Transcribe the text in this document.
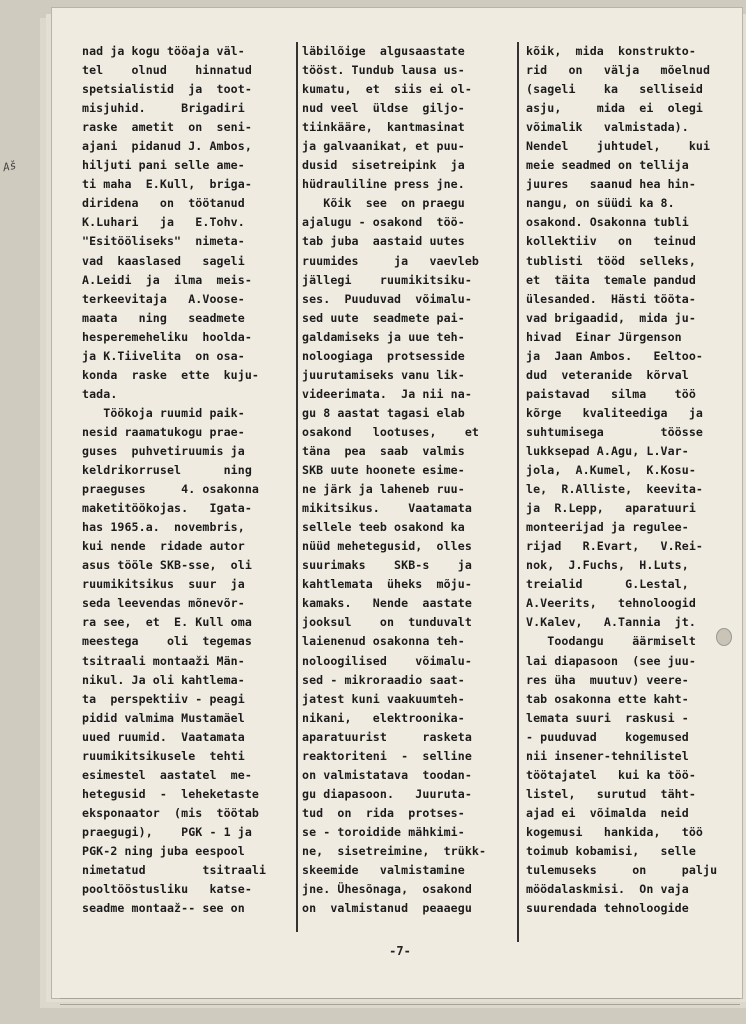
Aš
nad ja kogu tööaja väl-
tel    olnud    hinnatud
spetsialistid  ja  toot-
misjuhid.     Brigadiri
raske  ametit  on  seni-
ajani  pidanud J. Ambos,
hiljuti pani selle ame-
ti maha  E.Kull,  briga-
diridena   on  töötanud
K.Luhari   ja   E.Tohv.
"Esitööliseks"  nimeta-
vad  kaaslased   sageli
A.Leidi  ja  ilma  meis-
terkeevitaja   A.Voose-
maata   ning   seadmete
hesperemeheliku  hoolda-
ja K.Tiivelita  on osa-
konda  raske  ette  kuju-
tada.
Töökoja ruumid paik-
nesid raamatukogu prae-
guses  puhvetiruumis ja
keldrikorrusel      ning
praeguses     4. osakonna
maketitöökojas.   Igata-
has 1965.a.  novembris,
kui nende  ridade autor
asus tööle SKB-sse,  oli
ruumikitsikus  suur  ja
seda leevendas mõnevõr-
ra see,  et  E. Kull oma
meestega    oli  tegemas
tsitraali montaaži Män-
nikul. Ja oli kahtlema-
ta  perspektiiv - peagi
pidid valmima Mustamäel
uued ruumid.  Vaatamata
ruumikitsikusele  tehti
esimestel  aastatel  me-
hetegusid  -  leheketaste
eksponaator  (mis  töötab
praegugi),    PGK - 1 ja
PGK-2 ning juba eespool
nimetatud        tsitraali
pooltööstusliku   katse-
seadme montaaž-- see on
läbilõige  algusaastate
tööst. Tundub lausa us-
kumatu,  et  siis ei ol-
nud veel  üldse  giljo-
tiinkääre,  kantmasinat
ja galvaanikat, et puu-
dusid  sisetreipink  ja
hüdrauliline press jne.
Kõik  see  on praegu
ajalugu - osakond  töö-
tab juba  aastaid uutes
ruumides     ja   vaevleb
jällegi    ruumikitsiku-
ses.  Puuduvad  võimalu-
sed uute  seadmete pai-
galdamiseks ja uue teh-
noloogiaga  protsesside
juurutamiseks vanu lik-
videerimata.  Ja nii na-
gu 8 aastat tagasi elab
osakond   lootuses,    et
täna  pea  saab  valmis
SKB uute hoonete esime-
ne järk ja laheneb ruu-
mikitsikus.    Vaatamata
sellele teeb osakond ka
nüüd mehetegusid,  olles
suurimaks    SKB-s    ja
kahtlemata  üheks  mõju-
kamaks.   Nende  aastate
jooksul    on  tunduvalt
laienenud osakonna teh-
noloogilised    võimalu-
sed - mikroraadio saat-
jatest kuni vaakuumteh-
nikani,   elektroonika-
aparatuurist     rasketa
reaktoriteni  -  selline
on valmistatava  toodan-
gu diapasoon.   Juuruta-
tud  on  rida  protses-
se - toroidide mähkimi-
ne,  sisetreimine,  trükk-
skeemide   valmistamine
jne. Ühesõnaga,  osakond
on  valmistanud  peaaegu
kõik,  mida  konstrukto-
rid   on   välja   mõelnud
(sageli    ka   selliseid
asju,     mida  ei  olegi
võimalik   valmistada).
Nendel    juhtudel,    kui
meie seadmed on tellija
juures   saanud hea hin-
nangu, on süüdi ka 8.
osakond. Osakonna tubli
kollektiiv   on   teinud
tublisti  tööd  selleks,
et  täita  temale pandud
ülesanded.  Hästi tööta-
vad brigaadid,  mida ju-
hivad  Einar Jürgenson
ja  Jaan Ambos.   Eeltoo-
dud  veteranide  kõrval
paistavad   silma    töö
kõrge   kvaliteediga   ja
suhtumisega        töösse
lukksepad A.Agu, L.Var-
jola,  A.Kumel,  K.Kosu-
le,  R.Alliste,  keevita-
ja  R.Lepp,   aparatuuri
monteerijad ja reguleе-
rijad   R.Evart,   V.Rei-
nok,  J.Fuchs,  H.Luts,
treialid      G.Lestal,
A.Veerits,   tehnoloogid
V.Kalev,   A.Tannia  jt.
Toodangu    äärmiselt
lai diapasoon  (see juu-
res üha  muutuv) veere-
tab osakonna ette kaht-
lemata suuri  raskusi -
- puuduvad    kogemused
nii insener-tehnilistel
töötajatel   kui ka töö-
listel,   surutud  täht-
ajad ei  võimalda  neid
kogemusi   hankida,   töö
toimub kobamisi,   selle
tulemuseks     on     palju
möödalaskmisi.  On vaja
suurendada tehnoloogide
-7-
